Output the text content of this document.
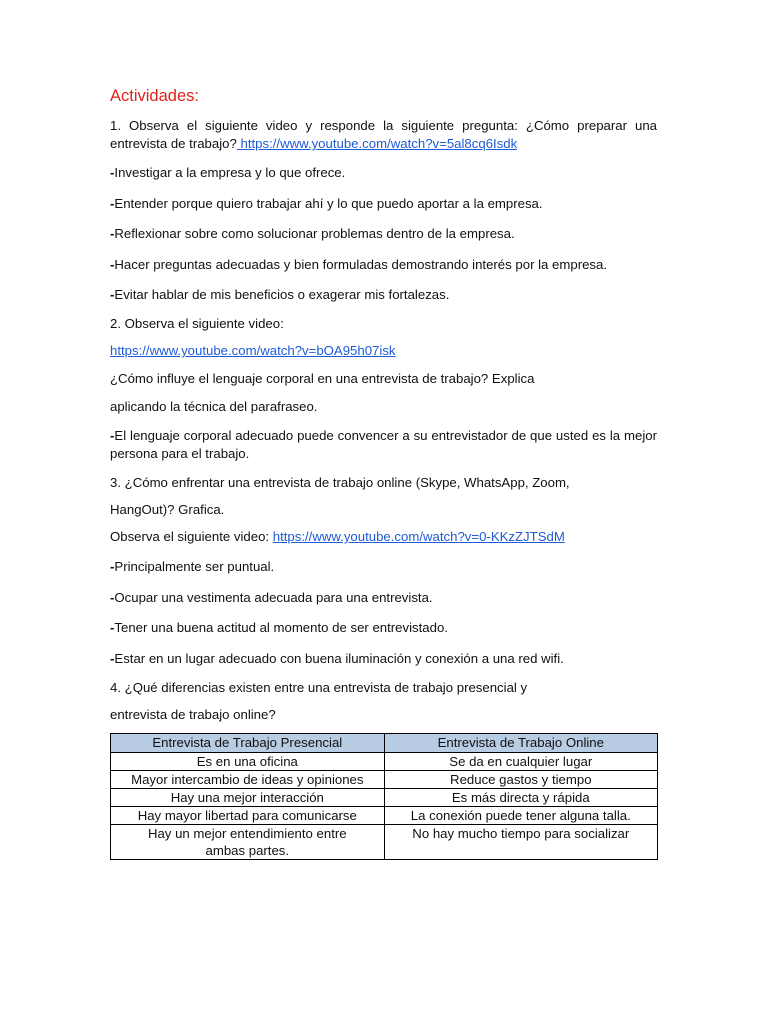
Actividades:

1. Observa el siguiente video y responde la siguiente pregunta: ¿Cómo preparar una entrevista de trabajo? https://www.youtube.com/watch?v=5al8cq6Isdk

-Investigar a la empresa y lo que ofrece.

-Entender porque quiero trabajar ahí y lo que puedo aportar a la empresa.

-Reflexionar sobre como solucionar problemas dentro de la empresa.

-Hacer preguntas adecuadas y bien formuladas demostrando interés por la empresa.

-Evitar hablar de mis beneficios o exagerar mis fortalezas.

2. Observa el siguiente video:

https://www.youtube.com/watch?v=bOA95h07isk

¿Cómo influye el lenguaje corporal en una entrevista de trabajo? Explica

aplicando la técnica del parafraseo.

-El lenguaje corporal adecuado puede convencer a su entrevistador de que usted es la mejor persona para el trabajo.

3. ¿Cómo enfrentar una entrevista de trabajo online (Skype, WhatsApp, Zoom,

HangOut)? Grafica.

Observa el siguiente video: https://www.youtube.com/watch?v=0-KKzZJTSdM

-Principalmente ser puntual.

-Ocupar una vestimenta adecuada para una entrevista.

-Tener una buena actitud al momento de ser entrevistado.

-Estar en un lugar adecuado con buena iluminación y conexión a una red wifi.

4. ¿Qué diferencias existen entre una entrevista de trabajo presencial y

entrevista de trabajo online?

Entrevista de Trabajo Presencial	Entrevista de Trabajo Online
Es en una oficina	Se da en cualquier lugar
Mayor intercambio de ideas y opiniones	Reduce gastos y tiempo
Hay una mejor interacción	Es más directa y rápida
Hay mayor libertad para comunicarse	La conexión puede tener alguna talla.
Hay un mejor entendimiento entre ambas partes.	No hay mucho tiempo para socializar
